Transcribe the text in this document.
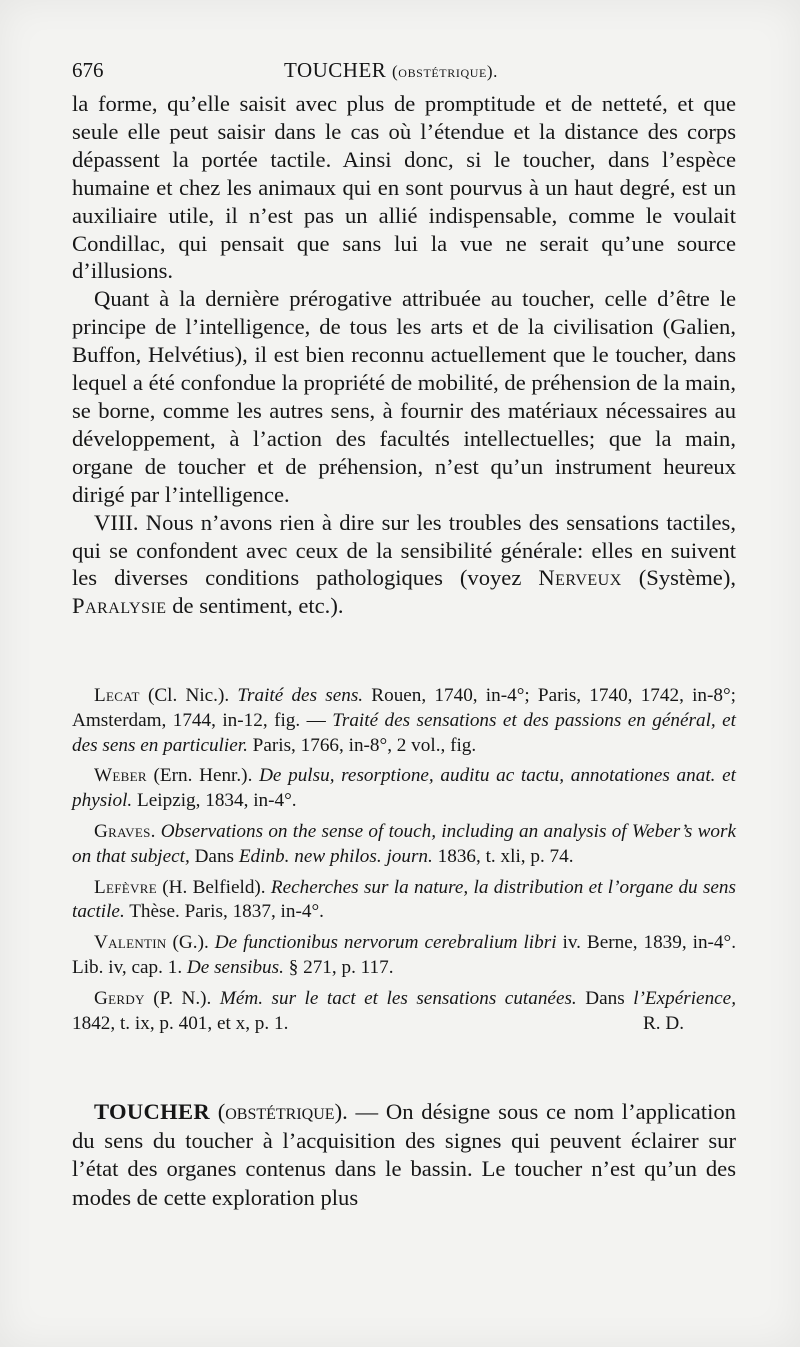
676	TOUCHER (obstétrique).

la forme, qu’elle saisit avec plus de promptitude et de netteté, et que seule elle peut saisir dans le cas où l’étendue et la distance des corps dépassent la portée tactile. Ainsi donc, si le toucher, dans l’espèce humaine et chez les animaux qui en sont pourvus à un haut degré, est un auxiliaire utile, il n’est pas un allié indispensable, comme le voulait Condillac, qui pensait que sans lui la vue ne serait qu’une source d’illusions.

Quant à la dernière prérogative attribuée au toucher, celle d’être le principe de l’intelligence, de tous les arts et de la civilisation (Galien, Buffon, Helvétius), il est bien reconnu actuellement que le toucher, dans lequel a été confondue la propriété de mobilité, de préhension de la main, se borne, comme les autres sens, à fournir des matériaux nécessaires au développement, à l’action des facultés intellectuelles; que la main, organe de toucher et de préhension, n’est qu’un instrument heureux dirigé par l’intelligence.

VIII. Nous n’avons rien à dire sur les troubles des sensations tactiles, qui se confondent avec ceux de la sensibilité générale: elles en suivent les diverses conditions pathologiques (voyez Nerveux (Système), Paralysie de sentiment, etc.).

Lecat (Cl. Nic.). Traité des sens. Rouen, 1740, in-4°; Paris, 1740, 1742, in-8°; Amsterdam, 1744, in-12, fig. — Traité des sensations et des passions en général, et des sens en particulier. Paris, 1766, in-8°, 2 vol., fig.

Weber (Ern. Henr.). De pulsu, resorptione, auditu ac tactu, annotationes anat. et physiol. Leipzig, 1834, in-4°.

Graves. Observations on the sense of touch, including an analysis of Weber’s work on that subject, Dans Edinb. new philos. journ. 1836, t. xli, p. 74.

Lefèvre (H. Belfield). Recherches sur la nature, la distribution et l’organe du sens tactile. Thèse. Paris, 1837, in-4°.

Valentin (G.). De functionibus nervorum cerebralium libri iv. Berne, 1839, in-4°. Lib. iv, cap. 1. De sensibus. § 271, p. 117.

Gerdy (P. N.). Mém. sur le tact et les sensations cutanées. Dans l’Expérience, 1842, t. ix, p. 401, et x, p. 1.	R. D.

TOUCHER (obstétrique). — On désigne sous ce nom l’application du sens du toucher à l’acquisition des signes qui peuvent éclairer sur l’état des organes contenus dans le bassin. Le toucher n’est qu’un des modes de cette exploration plus
